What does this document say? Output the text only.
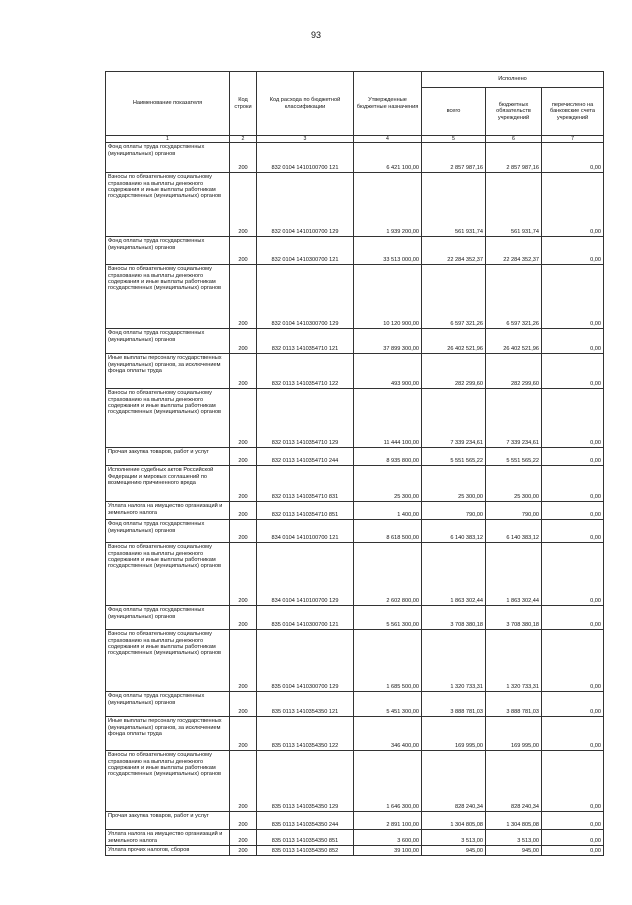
93
Наименование показателя	Код строки	Код расхода по бюджетной классификации	Утвержденные бюджетные назначения	Исполнено		
				всего	бюджетных обязательств учреждений	перечислено на банковские счета учреждений
1	2	3	4	5	6	7
Фонд оплаты труда государственных (муниципальных) органов	200	832 0104 1410100700 121	6 421 100,00	2 857 987,16	2 857 987,16	0,00
Взносы по обязательному социальному страхованию на выплаты денежного содержания и иные выплаты работникам государственных (муниципальных) органов	200	832 0104 1410100700 129	1 939 200,00	561 931,74	561 931,74	0,00
Фонд оплаты труда государственных (муниципальных) органов	200	832 0104 1410300700 121	33 513 000,00	22 284 352,37	22 284 352,37	0,00
Взносы по обязательному социальному страхованию на выплаты денежного содержания и иные выплаты работникам государственных (муниципальных) органов	200	832 0104 1410300700 129	10 120 900,00	6 597 321,26	6 597 321,26	0,00
Фонд оплаты труда государственных (муниципальных) органов	200	832 0113 1410354710 121	37 899 300,00	26 402 521,96	26 402 521,96	0,00
Иные выплаты персоналу государственных (муниципальных) органов, за исключением фонда оплаты труда	200	832 0113 1410354710 122	493 900,00	282 299,60	282 299,60	0,00
Взносы по обязательному социальному страхованию на выплаты денежного содержания и иные выплаты работникам государственных (муниципальных) органов	200	832 0113 1410354710 129	11 444 100,00	7 339 234,61	7 339 234,61	0,00
Прочая закупка товаров, работ и услуг	200	832 0113 1410354710 244	8 935 800,00	5 551 565,22	5 551 565,22	0,00
Исполнение судебных актов Российской Федерации и мировых соглашений по возмещению причиненного вреда	200	832 0113 1410354710 831	25 300,00	25 300,00	25 300,00	0,00
Уплата налога на имущество организаций и земельного налога	200	832 0113 1410354710 851	1 400,00	790,00	790,00	0,00
Фонд оплаты труда государственных (муниципальных) органов	200	834 0104 1410100700 121	8 618 500,00	6 140 383,12	6 140 383,12	0,00
Взносы по обязательному социальному страхованию на выплаты денежного содержания и иные выплаты работникам государственных (муниципальных) органов	200	834 0104 1410100700 129	2 602 800,00	1 863 302,44	1 863 302,44	0,00
Фонд оплаты труда государственных (муниципальных) органов	200	835 0104 1410300700 121	5 561 300,00	3 708 380,18	3 708 380,18	0,00
Взносы по обязательному социальному страхованию на выплаты денежного содержания и иные выплаты работникам государственных (муниципальных) органов	200	835 0104 1410300700 129	1 685 500,00	1 320 733,31	1 320 733,31	0,00
Фонд оплаты труда государственных (муниципальных) органов	200	835 0113 1410354350 121	5 451 300,00	3 888 781,03	3 888 781,03	0,00
Иные выплаты персоналу государственных (муниципальных) органов, за исключением фонда оплаты труда	200	835 0113 1410354350 122	346 400,00	169 995,00	169 995,00	0,00
Взносы по обязательному социальному страхованию на выплаты денежного содержания и иные выплаты работникам государственных (муниципальных) органов	200	835 0113 1410354350 129	1 646 300,00	828 240,34	828 240,34	0,00
Прочая закупка товаров, работ и услуг	200	835 0113 1410354350 244	2 891 100,00	1 304 805,08	1 304 805,08	0,00
Уплата налога на имущество организаций и земельного налога	200	835 0113 1410354350 851	3 600,00	3 513,00	3 513,00	0,00
Уплата прочих налогов, сборов	200	835 0113 1410354350 852	39 100,00	945,00	945,00	0,00
